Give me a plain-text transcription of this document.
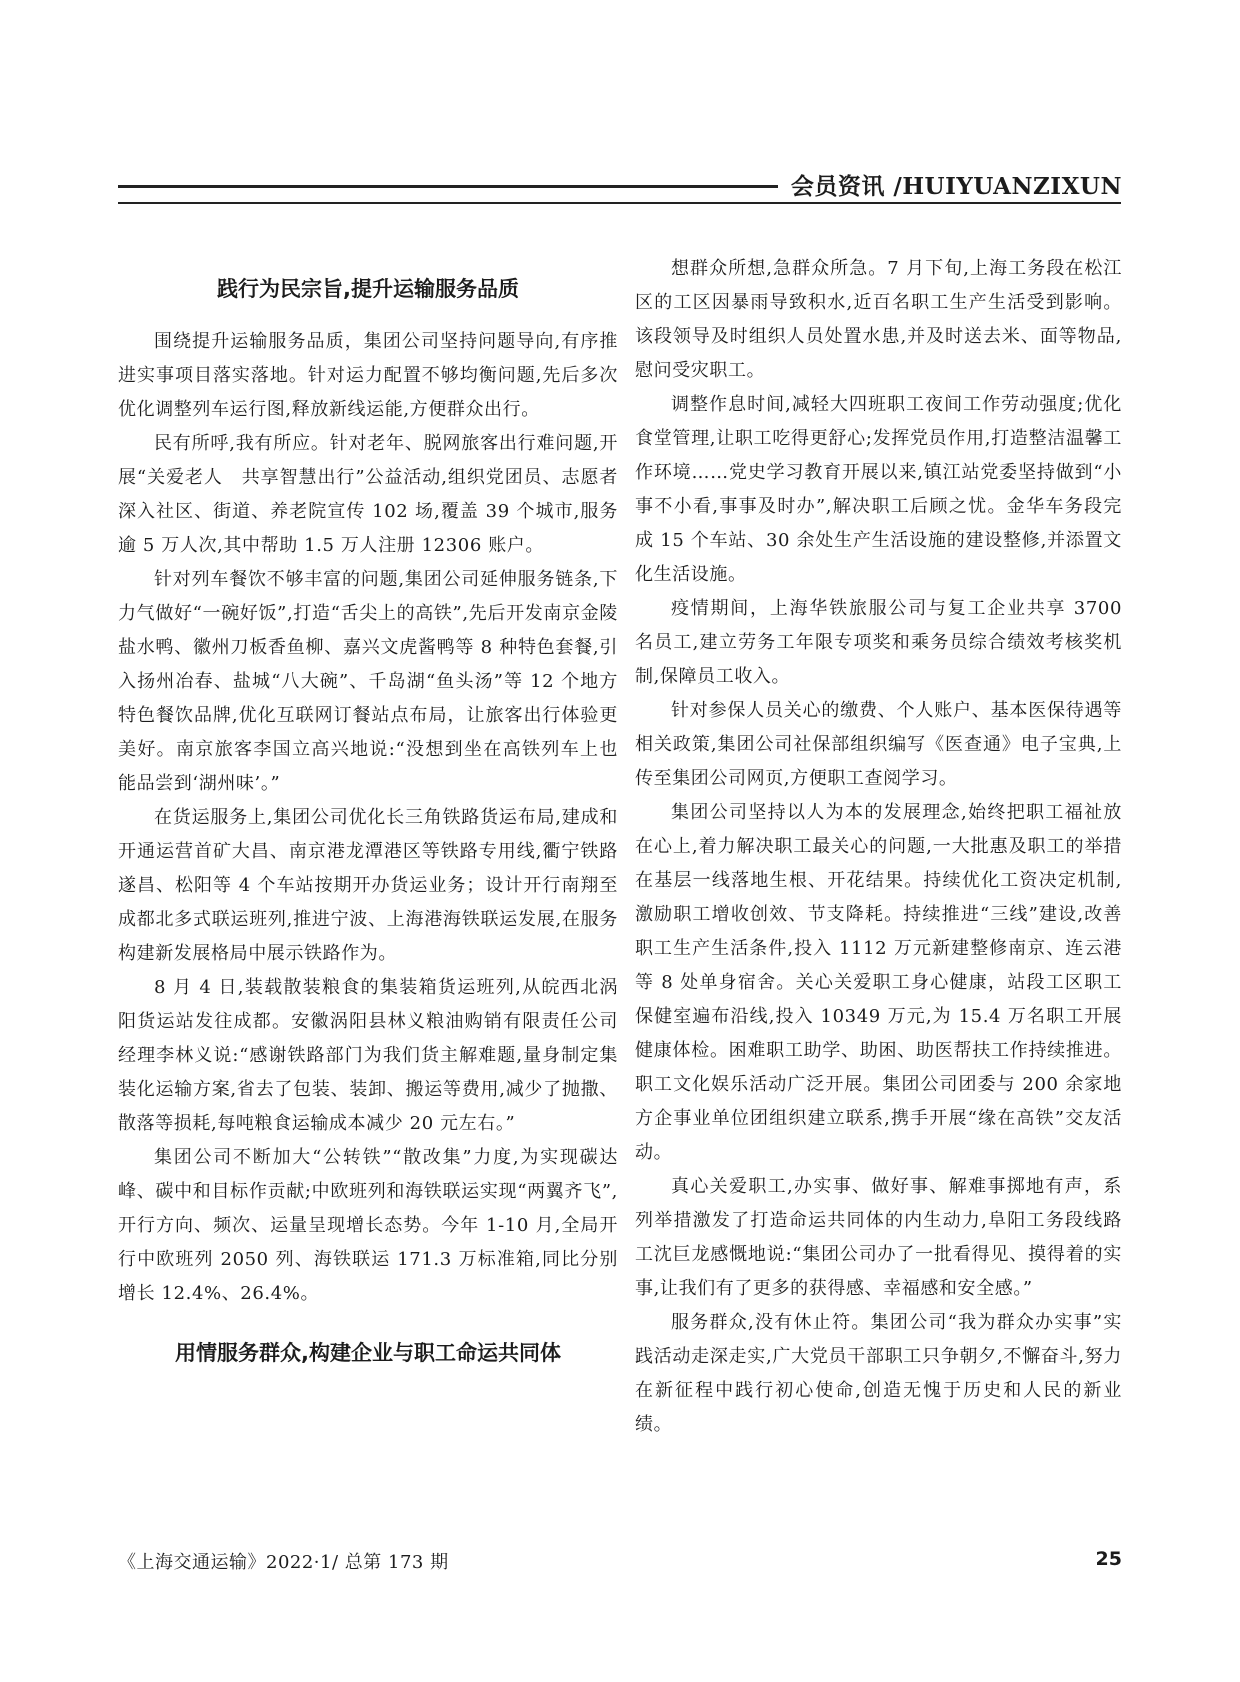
会员资讯 /HUIYUANZIXUN
践行为民宗旨,提升运输服务品质

围绕提升运输服务品质，集团公司坚持问题导向,有序推进实事项目落实落地。针对运力配置不够均衡问题,先后多次优化调整列车运行图,释放新线运能,方便群众出行。

民有所呼,我有所应。针对老年、脱网旅客出行难问题,开展“关爱老人　共享智慧出行”公益活动,组织党团员、志愿者深入社区、街道、养老院宣传 102 场,覆盖 39 个城市,服务逾 5 万人次,其中帮助 1.5 万人注册 12306 账户。

针对列车餐饮不够丰富的问题,集团公司延伸服务链条,下力气做好“一碗好饭”,打造“舌尖上的高铁”,先后开发南京金陵盐水鸭、徽州刀板香鱼柳、嘉兴文虎酱鸭等 8 种特色套餐,引入扬州冶春、盐城“八大碗”、千岛湖“鱼头汤”等 12 个地方特色餐饮品牌,优化互联网订餐站点布局，让旅客出行体验更美好。南京旅客李国立高兴地说:“没想到坐在高铁列车上也能品尝到‘湖州味’。”

在货运服务上,集团公司优化长三角铁路货运布局,建成和开通运营首矿大昌、南京港龙潭港区等铁路专用线,衢宁铁路遂昌、松阳等 4 个车站按期开办货运业务；设计开行南翔至成都北多式联运班列,推进宁波、上海港海铁联运发展,在服务构建新发展格局中展示铁路作为。

8 月 4 日,装载散装粮食的集装箱货运班列,从皖西北涡阳货运站发往成都。安徽涡阳县林义粮油购销有限责任公司经理李林义说:“感谢铁路部门为我们货主解难题,量身制定集装化运输方案,省去了包装、装卸、搬运等费用,减少了抛撒、散落等损耗,每吨粮食运输成本减少 20 元左右。”

集团公司不断加大“公转铁”“散改集”力度,为实现碳达峰、碳中和目标作贡献;中欧班列和海铁联运实现“两翼齐飞”,开行方向、频次、运量呈现增长态势。今年 1-10 月,全局开行中欧班列 2050 列、海铁联运 171.3 万标准箱,同比分别增长 12.4%、26.4%。

用情服务群众,构建企业与职工命运共同体

想群众所想,急群众所急。7 月下旬,上海工务段在松江区的工区因暴雨导致积水,近百名职工生产生活受到影响。该段领导及时组织人员处置水患,并及时送去米、面等物品,慰问受灾职工。

调整作息时间,减轻大四班职工夜间工作劳动强度;优化食堂管理,让职工吃得更舒心;发挥党员作用,打造整洁温馨工作环境……党史学习教育开展以来,镇江站党委坚持做到“小事不小看,事事及时办”,解决职工后顾之忧。金华车务段完成 15 个车站、30 余处生产生活设施的建设整修,并添置文化生活设施。

疫情期间，上海华铁旅服公司与复工企业共享 3700 名员工,建立劳务工年限专项奖和乘务员综合绩效考核奖机制,保障员工收入。

针对参保人员关心的缴费、个人账户、基本医保待遇等相关政策,集团公司社保部组织编写《医查通》电子宝典,上传至集团公司网页,方便职工查阅学习。

集团公司坚持以人为本的发展理念,始终把职工福祉放在心上,着力解决职工最关心的问题,一大批惠及职工的举措在基层一线落地生根、开花结果。持续优化工资决定机制,激励职工增收创效、节支降耗。持续推进“三线”建设,改善职工生产生活条件,投入 1112 万元新建整修南京、连云港等 8 处单身宿舍。关心关爱职工身心健康，站段工区职工保健室遍布沿线,投入 10349 万元,为 15.4 万名职工开展健康体检。困难职工助学、助困、助医帮扶工作持续推进。职工文化娱乐活动广泛开展。集团公司团委与 200 余家地方企事业单位团组织建立联系,携手开展“缘在高铁”交友活动。

真心关爱职工,办实事、做好事、解难事掷地有声，系列举措激发了打造命运共同体的内生动力,阜阳工务段线路工沈巨龙感慨地说:“集团公司办了一批看得见、摸得着的实事,让我们有了更多的获得感、幸福感和安全感。”

服务群众,没有休止符。集团公司“我为群众办实事”实践活动走深走实,广大党员干部职工只争朝夕,不懈奋斗,努力在新征程中践行初心使命,创造无愧于历史和人民的新业绩。

《上海交通运输》2022·1/ 总第 173 期	25
